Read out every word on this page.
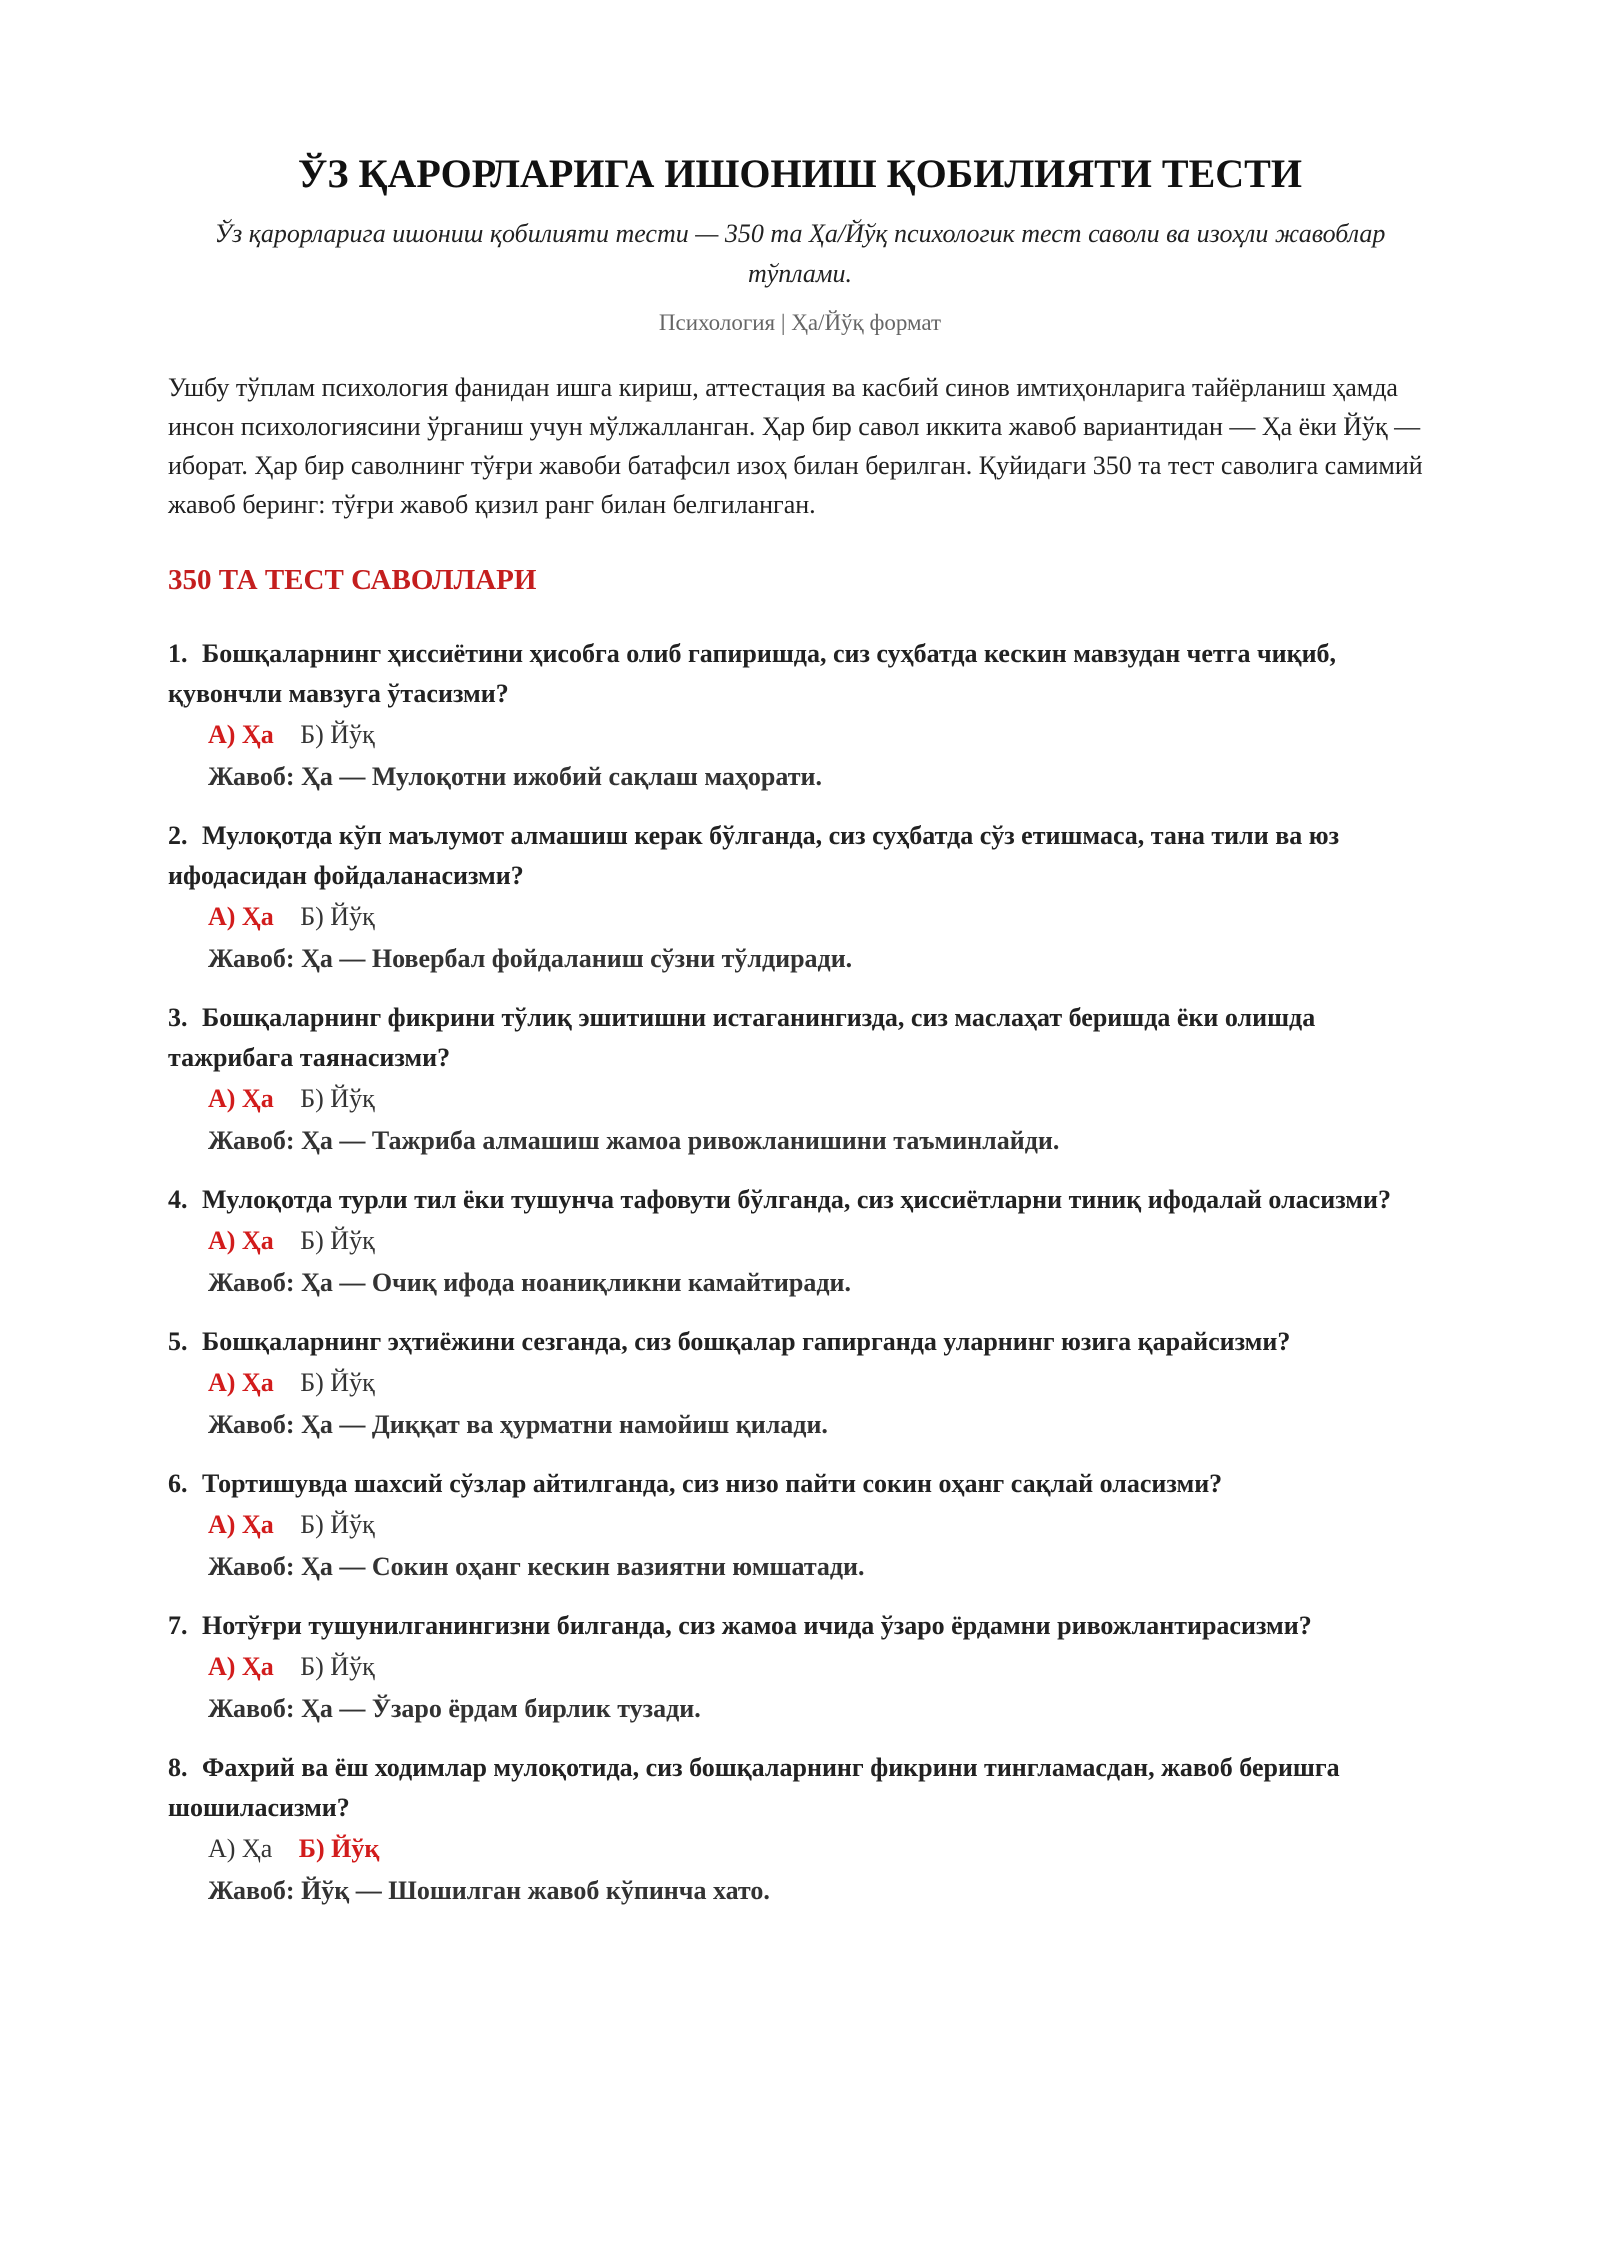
ЎЗ ҚАРОРЛАРИГА ИШОНИШ ҚОБИЛИЯТИ ТЕСТИ
Ўз қарорларига ишониш қобилияти тести — 350 та Ҳа/Йўқ психологик тест саволи ва изоҳли жавоблар тўплами.
Психология | Ҳа/Йўқ формат

Ушбу тўплам психология фанидан ишга кириш, аттестация ва касбий синов имтиҳонларига тайёрланиш ҳамда инсон психологиясини ўрганиш учун мўлжалланган. Ҳар бир савол иккита жавоб вариантидан — Ҳа ёки Йўқ — иборат. Ҳар бир саволнинг тўғри жавоби батафсил изоҳ билан берилган. Қуйидаги 350 та тест саволига самимий жавоб беринг: тўғри жавоб қизил ранг билан белгиланган.

350 ТА ТЕСТ САВОЛЛАРИ
1. Бошқаларнинг ҳиссиётини ҳисобга олиб гапиришда, сиз суҳбатда кескин мавзудан четга чиқиб, қувончли мавзуга ўтасизми?
А) Ҳа Б) Йўқ
Жавоб: Ҳа — Мулоқотни ижобий сақлаш маҳорати.
2. Мулоқотда кўп маълумот алмашиш керак бўлганда, сиз суҳбатда сўз етишмаса, тана тили ва юз ифодасидан фойдаланасизми?
А) Ҳа Б) Йўқ
Жавоб: Ҳа — Новербал фойдаланиш сўзни тўлдиради.
3. Бошқаларнинг фикрини тўлиқ эшитишни истаганингизда, сиз маслаҳат беришда ёки олишда тажрибага таянасизми?
А) Ҳа Б) Йўқ
Жавоб: Ҳа — Тажриба алмашиш жамоа ривожланишини таъминлайди.
4. Мулоқотда турли тил ёки тушунча тафовути бўлганда, сиз ҳиссиётларни тиниқ ифодалай оласизми?
А) Ҳа Б) Йўқ
Жавоб: Ҳа — Очиқ ифода ноаниқликни камайтиради.
5. Бошқаларнинг эҳтиёжини сезганда, сиз бошқалар гапирганда уларнинг юзига қарайсизми?
А) Ҳа Б) Йўқ
Жавоб: Ҳа — Диққат ва ҳурматни намойиш қилади.
6. Тортишувда шахсий сўзлар айтилганда, сиз низо пайти сокин оҳанг сақлай оласизми?
А) Ҳа Б) Йўқ
Жавоб: Ҳа — Сокин оҳанг кескин вазиятни юмшатади.
7. Нотўғри тушунилганингизни билганда, сиз жамоа ичида ўзаро ёрдамни ривожлантирасизми?
А) Ҳа Б) Йўқ
Жавоб: Ҳа — Ўзаро ёрдам бирлик тузади.
8. Фахрий ва ёш ходимлар мулоқотида, сиз бошқаларнинг фикрини тингламасдан, жавоб беришга шошиласизми?
А) Ҳа Б) Йўқ
Жавоб: Йўқ — Шошилган жавоб кўпинча хато.
